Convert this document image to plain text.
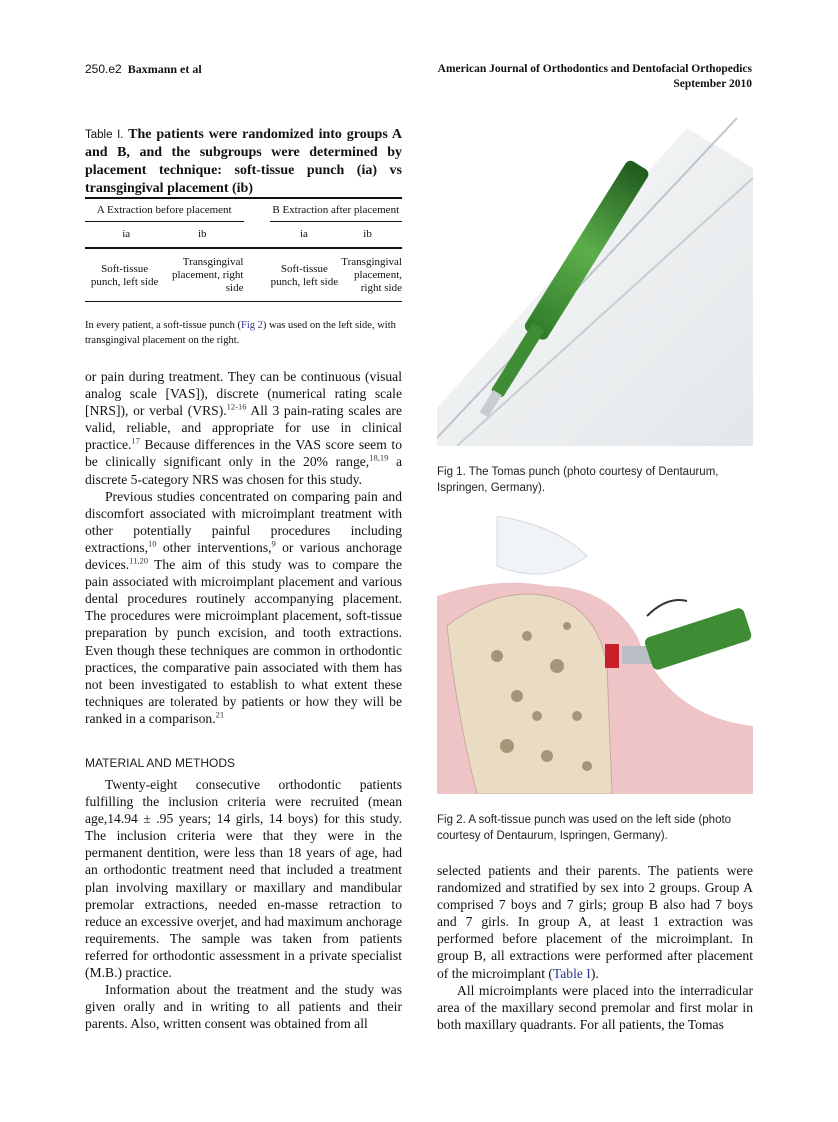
250.e2 Baxmann et al	American Journal of Orthodontics and Dentofacial Orthopedics
September 2010
Table I. The patients were randomized into groups A and B, and the subgroups were determined by placement technique: soft-tissue punch (ia) vs transgingival placement (ib)
A Extraction before placement			B Extraction after placement	
ia ib			ia ib	
Soft-tissue punch, left side	Transgingival placement, right side		Soft-tissue punch, left side	Transgingival placement, right side
In every patient, a soft-tissue punch (Fig 2) was used on the left side, with transgingival placement on the right.

or pain during treatment. They can be continuous (visual analog scale [VAS]), discrete (numerical rating scale [NRS]), or verbal (VRS).$^{12-16}$ All 3 pain-rating scales are valid, reliable, and appropriate for use in clinical practice.$^{17}$ Because differences in the VAS score seem to be clinically significant only in the 20% range,$^{18,19}$ a discrete 5-category NRS was chosen for this study.

Previous studies concentrated on comparing pain and discomfort associated with microimplant treatment with other potentially painful procedures including extractions,$^{10}$ other interventions,$^9$ or various anchorage devices.$^{11,20}$ The aim of this study was to compare the pain associated with microimplant placement and various dental procedures routinely accompanying placement. The procedures were microimplant placement, soft-tissue preparation by punch excision, and tooth extractions. Even though these techniques are common in orthodontic practices, the comparative pain associated with them has not been investigated to establish to what extent these techniques are tolerated by patients or how they will be ranked in a comparison.$^{21}$

MATERIAL AND METHODS

Twenty-eight consecutive orthodontic patients fulfilling the inclusion criteria were recruited (mean age,14.94 ± .95 years; 14 girls, 14 boys) for this study. The inclusion criteria were that they were in the permanent dentition, were less than 18 years of age, had an orthodontic treatment need that included a treatment plan involving maxillary or maxillary and mandibular premolar extractions, needed en-masse retraction to reduce an excessive overjet, and had maximum anchorage requirements. The sample was taken from patients referred for orthodontic assessment in a private specialist (M.B.) practice.

Information about the treatment and the study was given orally and in writing to all patients and their parents. Also, written consent was obtained from all

Fig 1. The Tomas punch (photo courtesy of Dentaurum, Ispringen, Germany).
Fig 2. A soft-tissue punch was used on the left side (photo courtesy of Dentaurum, Ispringen, Germany).

selected patients and their parents. The patients were randomized and stratified by sex into 2 groups. Group A comprised 7 boys and 7 girls; group B also had 7 boys and 7 girls. In group A, at least 1 extraction was performed before placement of the microimplant. In group B, all extractions were performed after placement of the microimplant (Table I).

All microimplants were placed into the interradicular area of the maxillary second premolar and first molar in both maxillary quadrants. For all patients, the Tomas
